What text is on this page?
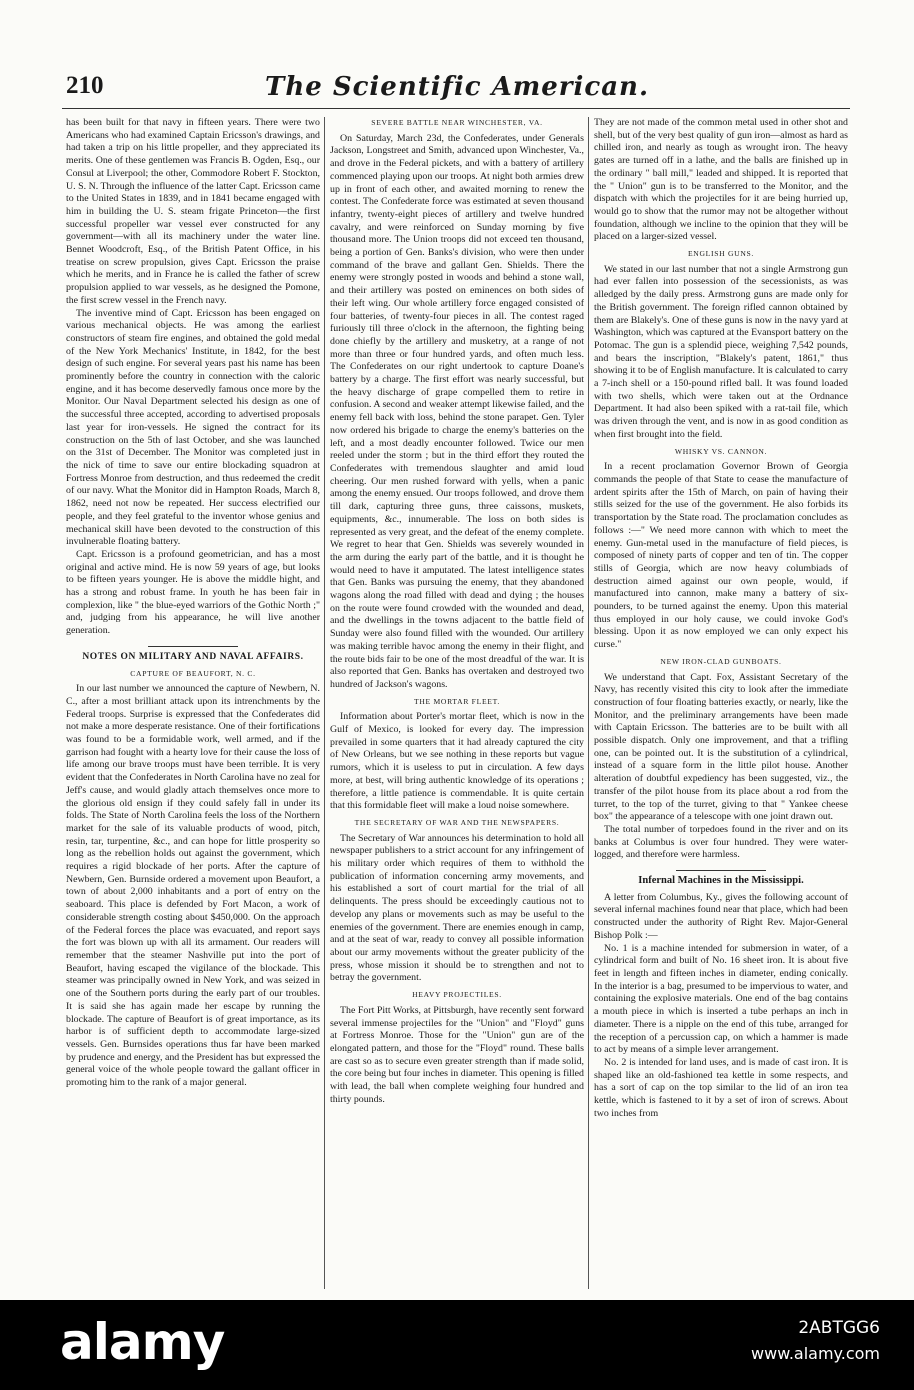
210	The Scientific American.

has been built for that navy in fifteen years. There were two Americans who had examined Captain Ericsson's drawings, and had taken a trip on his little propeller, and they appreciated its merits. One of these gentlemen was Francis B. Ogden, Esq., our Consul at Liverpool; the other, Commodore Robert F. Stockton, U. S. N. Through the influence of the latter Capt. Ericsson came to the United States in 1839, and in 1841 became engaged with him in building the U. S. steam frigate Princeton—the first successful propeller war vessel ever constructed for any government—with all its machinery under the water line. Bennet Woodcroft, Esq., of the British Patent Office, in his treatise on screw propulsion, gives Capt. Ericsson the praise which he merits, and in France he is called the father of screw propulsion applied to war vessels, as he designed the Pomone, the first screw vessel in the French navy.

The inventive mind of Capt. Ericsson has been engaged on various mechanical objects. He was among the earliest constructors of steam fire engines, and obtained the gold medal of the New York Mechanics' Institute, in 1842, for the best design of such engine. For several years past his name has been prominently before the country in connection with the caloric engine, and it has become deservedly famous once more by the Monitor. Our Naval Department selected his design as one of the successful three accepted, according to advertised proposals last year for iron-vessels. He signed the contract for its construction on the 5th of last October, and she was launched on the 31st of December. The Monitor was completed just in the nick of time to save our entire blockading squadron at Fortress Monroe from destruction, and thus redeemed the credit of our navy. What the Monitor did in Hampton Roads, March 8, 1862, need not now be repeated. Her success electrified our people, and they feel grateful to the inventor whose genius and mechanical skill have been devoted to the construction of this invulnerable floating battery.

Capt. Ericsson is a profound geometrician, and has a most original and active mind. He is now 59 years of age, but looks to be fifteen years younger. He is above the middle hight, and has a strong and robust frame. In youth he has been fair in complexion, like " the blue-eyed warriors of the Gothic North ;" and, judging from his appearance, he will live another generation.

NOTES ON MILITARY AND NAVAL AFFAIRS.
CAPTURE OF BEAUFORT, N. C.

In our last number we announced the capture of Newbern, N. C., after a most brilliant attack upon its intrenchments by the Federal troops. Surprise is expressed that the Confederates did not make a more desperate resistance. One of their fortifications was found to be a formidable work, well armed, and if the garrison had fought with a hearty love for their cause the loss of life among our brave troops must have been terrible. It is very evident that the Confederates in North Carolina have no zeal for Jeff's cause, and would gladly attach themselves once more to the glorious old ensign if they could safely fall in under its folds. The State of North Carolina feels the loss of the Northern market for the sale of its valuable products of wood, pitch, resin, tar, turpentine, &c., and can hope for little prosperity so long as the rebellion holds out against the government, which requires a rigid blockade of her ports. After the capture of Newbern, Gen. Burnside ordered a movement upon Beaufort, a town of about 2,000 inhabitants and a port of entry on the seaboard. This place is defended by Fort Macon, a work of considerable strength costing about $450,000. On the approach of the Federal forces the place was evacuated, and report says the fort was blown up with all its armament. Our readers will remember that the steamer Nashville put into the port of Beaufort, having escaped the vigilance of the blockade. This steamer was principally owned in New York, and was seized in one of the Southern ports during the early part of our troubles. It is said she has again made her escape by running the blockade. The capture of Beaufort is of great importance, as its harbor is of sufficient depth to accommodate large-sized vessels. Gen. Burnsides operations thus far have been marked by prudence and energy, and the President has but expressed the general voice of the whole people toward the gallant officer in promoting him to the rank of a major general.

SEVERE BATTLE NEAR WINCHESTER, VA.

On Saturday, March 23d, the Confederates, under Generals Jackson, Longstreet and Smith, advanced upon Winchester, Va., and drove in the Federal pickets, and with a battery of artillery commenced playing upon our troops. At night both armies drew up in front of each other, and awaited morning to renew the contest. The Confederate force was estimated at seven thousand infantry, twenty-eight pieces of artillery and twelve hundred cavalry, and were reinforced on Sunday morning by five thousand more. The Union troops did not exceed ten thousand, being a portion of Gen. Banks's division, who were then under command of the brave and gallant Gen. Shields. There the enemy were strongly posted in woods and behind a stone wall, and their artillery was posted on eminences on both sides of their left wing. Our whole artillery force engaged consisted of four batteries, of twenty-four pieces in all. The contest raged furiously till three o'clock in the afternoon, the fighting being done chiefly by the artillery and musketry, at a range of not more than three or four hundred yards, and often much less. The Confederates on our right undertook to capture Doane's battery by a charge. The first effort was nearly successful, but the heavy discharge of grape compelled them to retire in confusion. A second and weaker attempt likewise failed, and the enemy fell back with loss, behind the stone parapet. Gen. Tyler now ordered his brigade to charge the enemy's batteries on the left, and a most deadly encounter followed. Twice our men reeled under the storm ; but in the third effort they routed the Confederates with tremendous slaughter and amid loud cheering. Our men rushed forward with yells, when a panic among the enemy ensued. Our troops followed, and drove them till dark, capturing three guns, three caissons, muskets, equipments, &c., innumerable. The loss on both sides is represented as very great, and the defeat of the enemy complete. We regret to hear that Gen. Shields was severely wounded in the arm during the early part of the battle, and it is thought he would need to have it amputated. The latest intelligence states that Gen. Banks was pursuing the enemy, that they abandoned wagons along the road filled with dead and dying ; the houses on the route were found crowded with the wounded and dead, and the dwellings in the towns adjacent to the battle field of Sunday were also found filled with the wounded. Our artillery was making terrible havoc among the enemy in their flight, and the route bids fair to be one of the most dreadful of the war. It is also reported that Gen. Banks has overtaken and destroyed two hundred of Jackson's wagons.

THE MORTAR FLEET.

Information about Porter's mortar fleet, which is now in the Gulf of Mexico, is looked for every day. The impression prevailed in some quarters that it had already captured the city of New Orleans, but we see nothing in these reports but vague rumors, which it is useless to put in circulation. A few days more, at best, will bring authentic knowledge of its operations ; therefore, a little patience is commendable. It is quite certain that this formidable fleet will make a loud noise somewhere.

THE SECRETARY OF WAR AND THE NEWSPAPERS.

The Secretary of War announces his determination to hold all newspaper publishers to a strict account for any infringement of his military order which requires of them to withhold the publication of information concerning army movements, and his established a sort of court martial for the trial of all delinquents. The press should be exceedingly cautious not to develop any plans or movements such as may be useful to the enemies of the government. There are enemies enough in camp, and at the seat of war, ready to convey all possible information about our army movements without the greater publicity of the press, whose mission it should be to strengthen and not to betray the government.

HEAVY PROJECTILES.

The Fort Pitt Works, at Pittsburgh, have recently sent forward several immense projectiles for the "Union" and "Floyd" guns at Fortress Monroe. Those for the "Union" gun are of the elongated pattern, and those for the "Floyd" round. These balls are cast so as to secure even greater strength than if made solid, the core being but four inches in diameter. This opening is filled with lead, the ball when complete weighing four hundred and thirty pounds.

They are not made of the common metal used in other shot and shell, but of the very best quality of gun iron—almost as hard as chilled iron, and nearly as tough as wrought iron. The heavy gates are turned off in a lathe, and the balls are finished up in the ordinary " ball mill," leaded and shipped. It is reported that the " Union" gun is to be transferred to the Monitor, and the dispatch with which the projectiles for it are being hurried up, would go to show that the rumor may not be altogether without foundation, although we incline to the opinion that they will be placed on a larger-sized vessel.

ENGLISH GUNS.

We stated in our last number that not a single Armstrong gun had ever fallen into possession of the secessionists, as was alledged by the daily press. Armstrong guns are made only for the British government. The foreign rifled cannon obtained by them are Blakely's. One of these guns is now in the navy yard at Washington, which was captured at the Evansport battery on the Potomac. The gun is a splendid piece, weighing 7,542 pounds, and bears the inscription, "Blakely's patent, 1861," thus showing it to be of English manufacture. It is calculated to carry a 7-inch shell or a 150-pound rifled ball. It was found loaded with two shells, which were taken out at the Ordnance Department. It had also been spiked with a rat-tail file, which was driven through the vent, and is now in as good condition as when first brought into the field.

WHISKY VS. CANNON.

In a recent proclamation Governor Brown of Georgia commands the people of that State to cease the manufacture of ardent spirits after the 15th of March, on pain of having their stills seized for the use of the government. He also forbids its transportation by the State road. The proclamation concludes as follows :—" We need more cannon with which to meet the enemy. Gun-metal used in the manufacture of field pieces, is composed of ninety parts of copper and ten of tin. The copper stills of Georgia, which are now heavy columbiads of destruction aimed against our own people, would, if manufactured into cannon, make many a battery of six-pounders, to be turned against the enemy. Upon this material thus employed in our holy cause, we could invoke God's blessing. Upon it as now employed we can only expect his curse."

NEW IRON-CLAD GUNBOATS.

We understand that Capt. Fox, Assistant Secretary of the Navy, has recently visited this city to look after the immediate construction of four floating batteries exactly, or nearly, like the Monitor, and the preliminary arrangements have been made with Captain Ericsson. The batteries are to be built with all possible dispatch. Only one improvement, and that a trifling one, can be pointed out. It is the substitution of a cylindrical, instead of a square form in the little pilot house. Another alteration of doubtful expediency has been suggested, viz., the transfer of the pilot house from its place about a rod from the turret, to the top of the turret, giving to that " Yankee cheese box" the appearance of a telescope with one joint drawn out.

The total number of torpedoes found in the river and on its banks at Columbus is over four hundred. They were water-logged, and therefore were harmless.

Infernal Machines in the Mississippi.

A letter from Columbus, Ky., gives the following account of several infernal machines found near that place, which had been constructed under the authority of Right Rev. Major-General Bishop Polk :—

No. 1 is a machine intended for submersion in water, of a cylindrical form and built of No. 16 sheet iron. It is about five feet in length and fifteen inches in diameter, ending conically. In the interior is a bag, presumed to be impervious to water, and containing the explosive materials. One end of the bag contains a mouth piece in which is inserted a tube perhaps an inch in diameter. There is a nipple on the end of this tube, arranged for the reception of a percussion cap, on which a hammer is made to act by means of a simple lever arrangement.

No. 2 is intended for land uses, and is made of cast iron. It is shaped like an old-fashioned tea kettle in some respects, and has a sort of cap on the top similar to the lid of an iron tea kettle, which is fastened to it by a set of iron of screws. About two inches from

alamy	2ABTGG6
www.alamy.com
